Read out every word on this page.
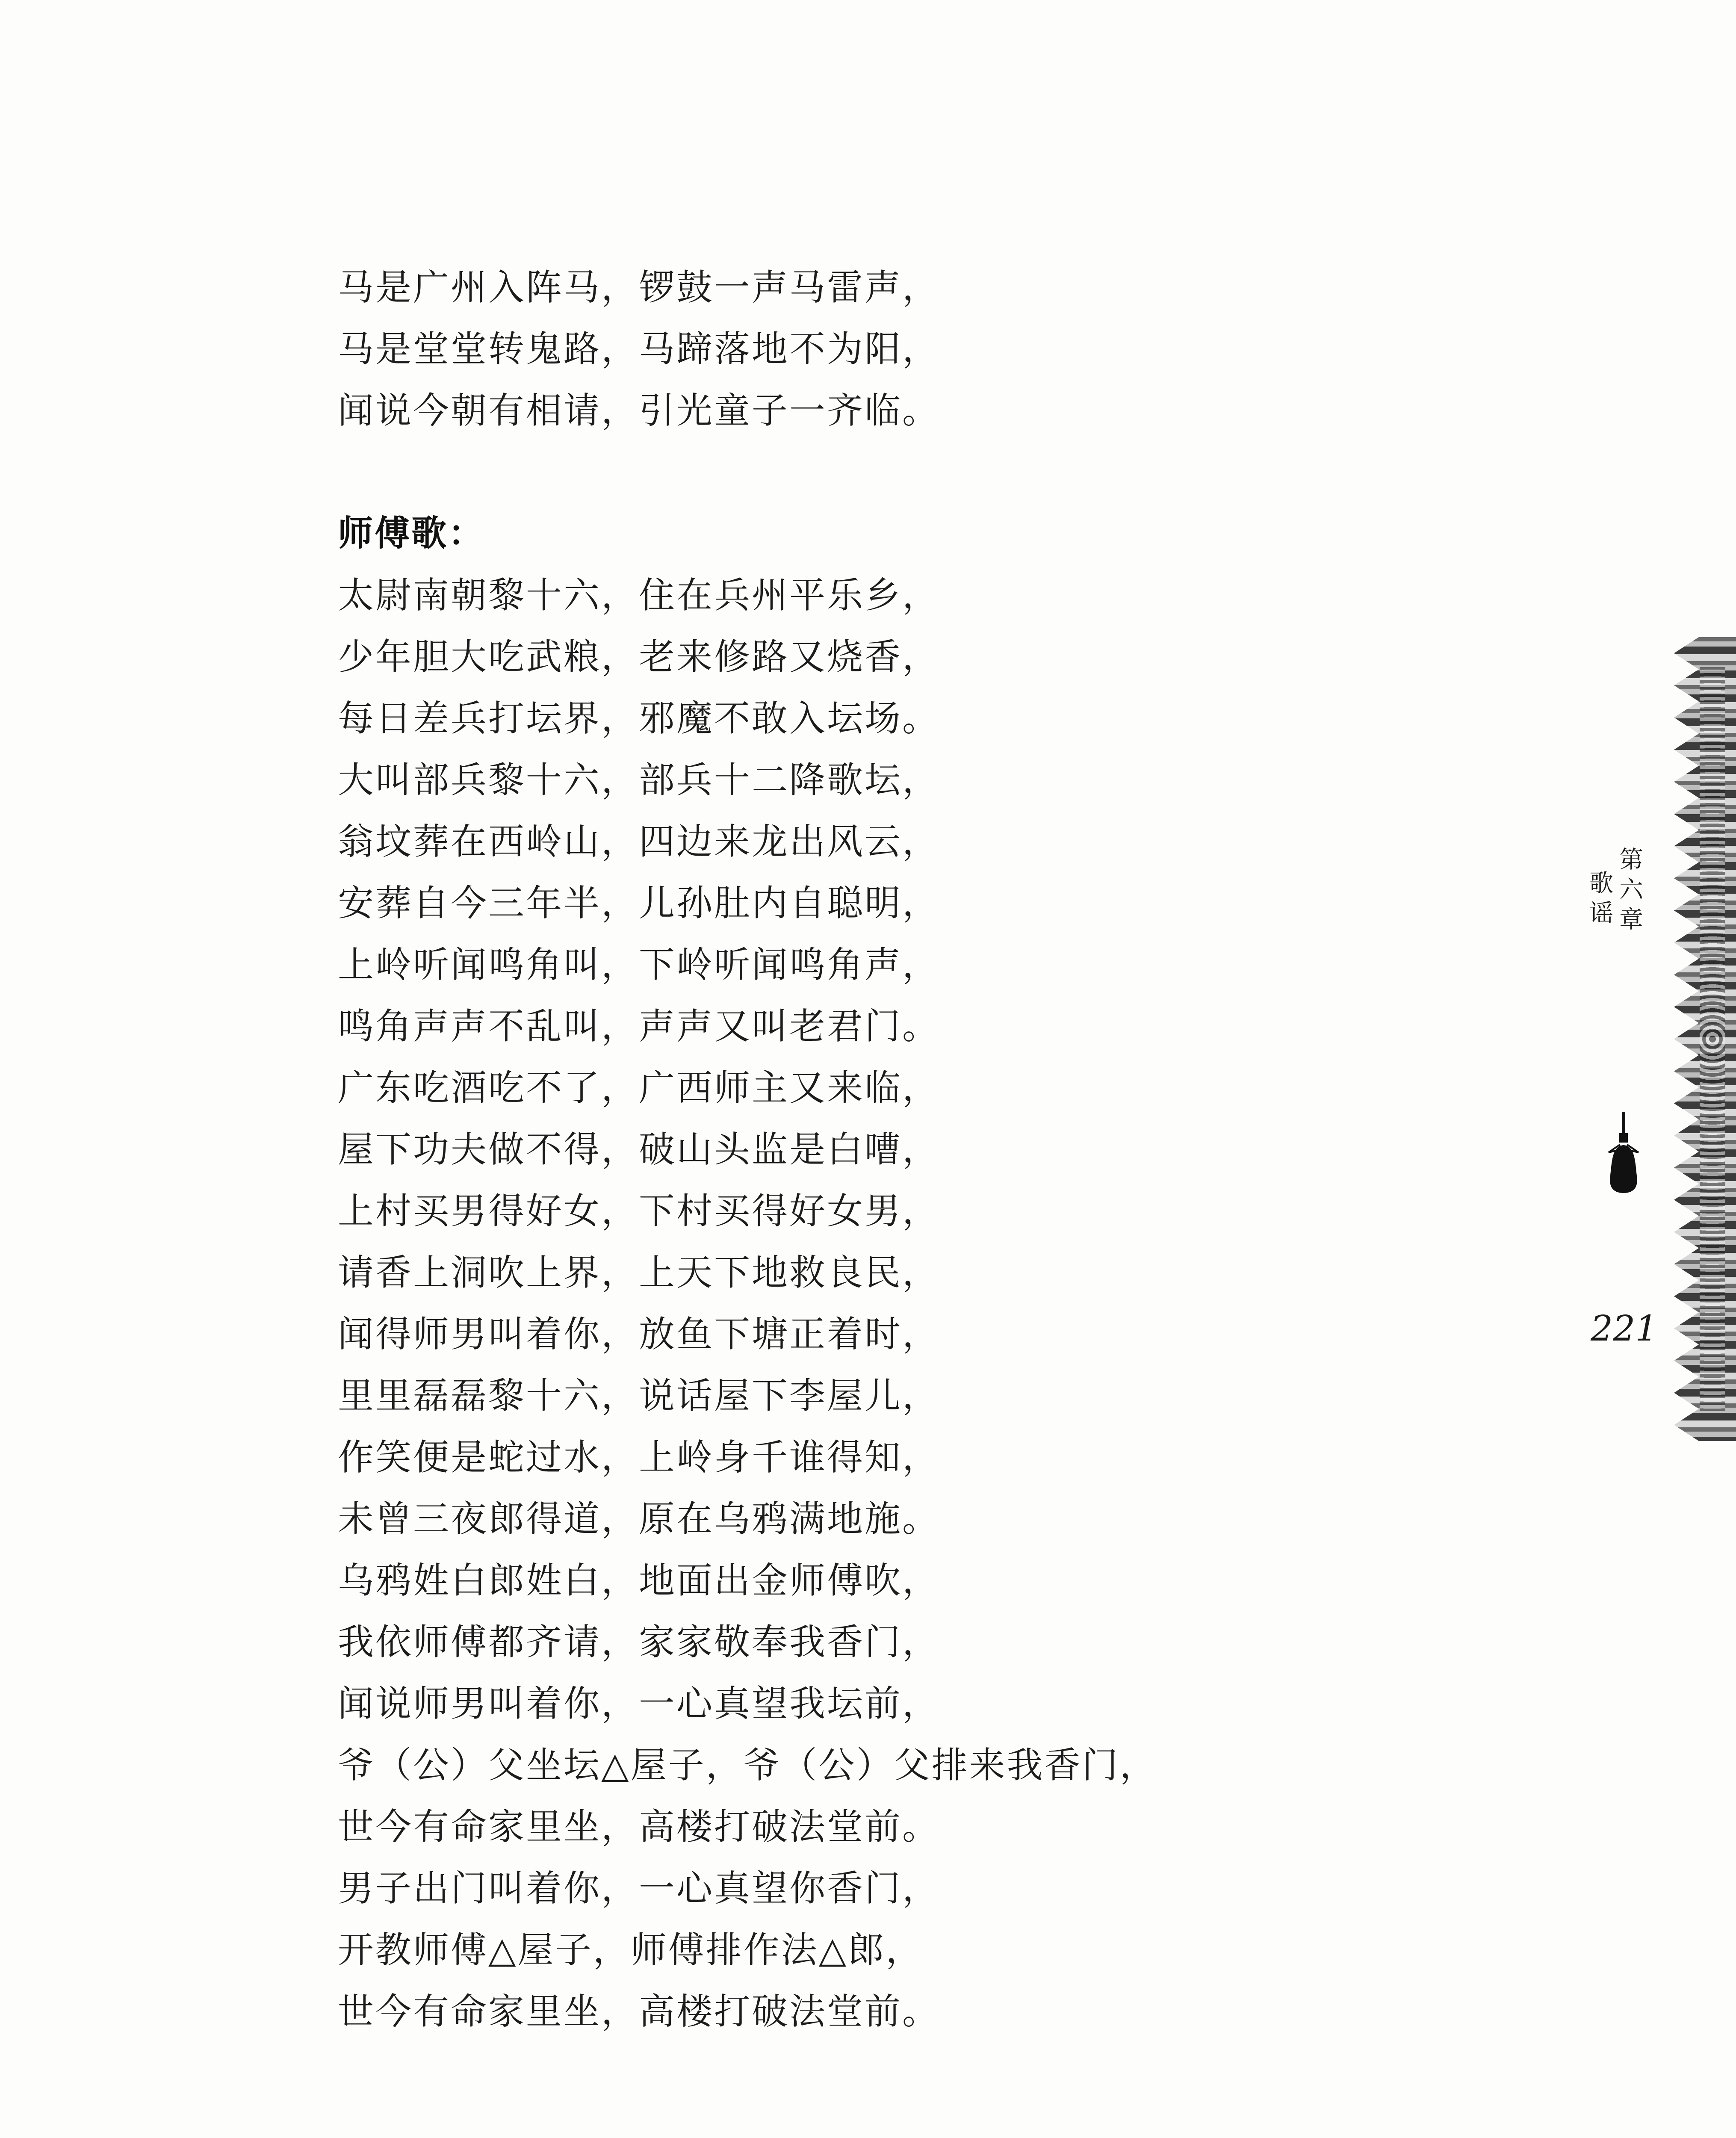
马是广州入阵马，锣鼓一声马雷声，
马是堂堂转鬼路，马蹄落地不为阳，
闻说今朝有相请，引光童子一齐临。
师傅歌：
太尉南朝黎十六，住在兵州平乐乡，
少年胆大吃武粮，老来修路又烧香，
每日差兵打坛界，邪魔不敢入坛场。
大叫部兵黎十六，部兵十二降歌坛，
翁坟葬在西岭山，四边来龙出风云，
安葬自今三年半，儿孙肚内自聪明，
上岭听闻鸣角叫，下岭听闻鸣角声，
鸣角声声不乱叫，声声又叫老君门。
广东吃酒吃不了，广西师主又来临，
屋下功夫做不得，破山头监是白嘈，
上村买男得好女，下村买得好女男，
请香上洞吹上界，上天下地救良民，
闻得师男叫着你，放鱼下塘正着时，
里里磊磊黎十六，说话屋下李屋儿，
作笑便是蛇过水，上岭身千谁得知，
未曾三夜郎得道，原在乌鸦满地施。
乌鸦姓白郎姓白，地面出金师傅吹，
我依师傅都齐请，家家敬奉我香门，
闻说师男叫着你，一心真望我坛前，
爷（公）父坐坛△屋子，爷（公）父排来我香门，
世今有命家里坐，高楼打破法堂前。
男子出门叫着你，一心真望你香门，
开教师傅△屋子，师傅排作法△郎，
世今有命家里坐，高楼打破法堂前。
第六章
歌谣
221
